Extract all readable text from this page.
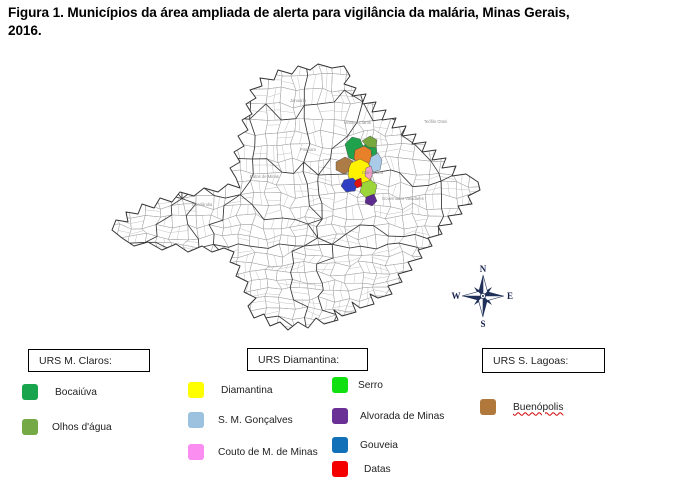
Figura 1. Municípios da área ampliada de alerta para vigilância da malária, Minas Gerais,
2016.
Januária
Montes Claros
Pirapora
Patos de Minas
Uberlândia
Teófilo Otoni
Diamantina
Governador Valadares
N
E
S
W
URS M. Claros:
Bocaiúva
Olhos d'água
URS Diamantina:
Diamantina
S. M. Gonçalves
Couto de M. de Minas
Serro
Alvorada de Minas
Gouveia
Datas
URS S. Lagoas:
Buenópolis
